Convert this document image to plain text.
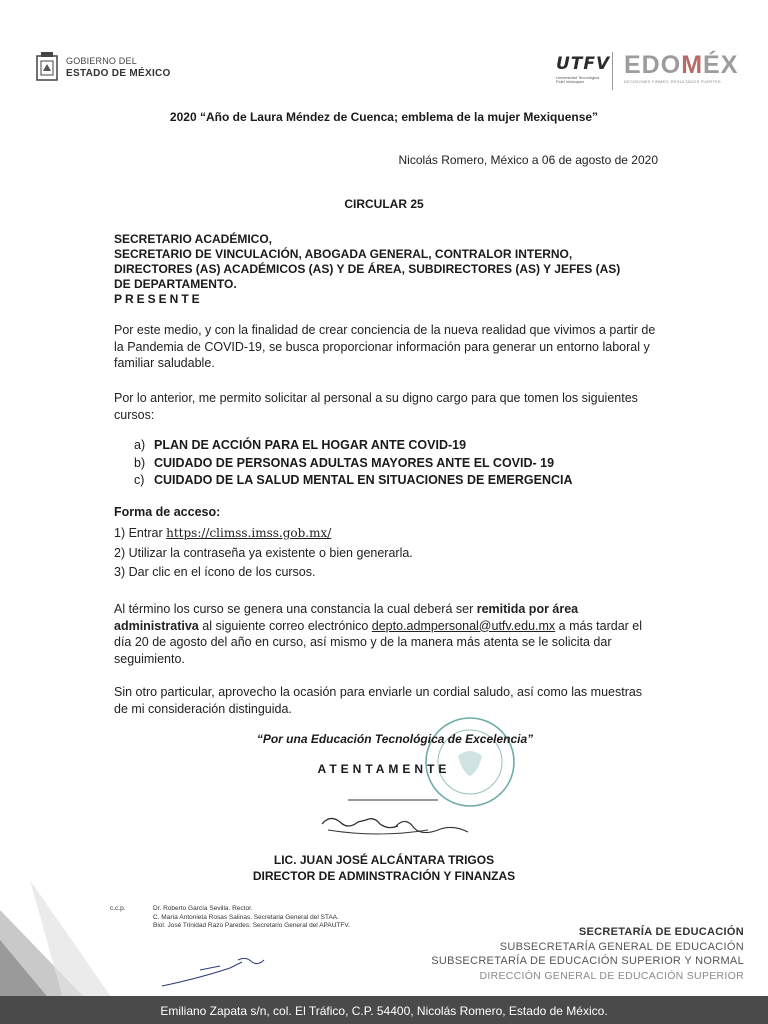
GOBIERNO DEL
ESTADO DE MÉXICO	UTFV
Universidad Tecnológica Fidel Velázquez
EDOMÉX
DECISIONES FIRMES, RESULTADOS FUERTES.
2020 “Año de Laura Méndez de Cuenca; emblema de la mujer Mexiquense”
Nicolás Romero, México a 06 de agosto de 2020
CIRCULAR 25
SECRETARIO ACADÉMICO,
SECRETARIO DE VINCULACIÓN, ABOGADA GENERAL, CONTRALOR INTERNO,
DIRECTORES (AS) ACADÉMICOS (AS) Y DE ÁREA, SUBDIRECTORES (AS) Y JEFES (AS)
DE DEPARTAMENTO.
PRESENTE
Por este medio, y con la finalidad de crear conciencia de la nueva realidad que vivimos a partir de la Pandemia de COVID-19, se busca proporcionar información para generar un entorno laboral y familiar saludable.
Por lo anterior, me permito solicitar al personal a su digno cargo para que tomen los siguientes cursos:
a) PLAN DE ACCIÓN PARA EL HOGAR ANTE COVID-19
b) CUIDADO DE PERSONAS ADULTAS MAYORES ANTE EL COVID- 19
c) CUIDADO DE LA SALUD MENTAL EN SITUACIONES DE EMERGENCIA
Forma de acceso:
1) Entrar https://climss.imss.gob.mx/
2) Utilizar la contraseña ya existente o bien generarla.
3) Dar clic en el ícono de los cursos.
Al término los curso se genera una constancia la cual deberá ser remitida por área administrativa al siguiente correo electrónico depto.admpersonal@utfv.edu.mx a más tardar el día 20 de agosto del año en curso, así mismo y de la manera más atenta se le solicita dar seguimiento.
Sin otro particular, aprovecho la ocasión para enviarle un cordial saludo, así como las muestras de mi consideración distinguida.
“Por una Educación Tecnológica de Excelencia”
ATENTAMENTE
LIC. JUAN JOSÉ ALCÁNTARA TRIGOS
DIRECTOR DE ADMINSTRACIÓN Y FINANZAS
c.c.p.	Dr. Roberto García Sevilla. Rector.
C. María Antonieta Rosas Salinas. Secretaria General del STAA.
Biol. José Trinidad Razo Paredes. Secretario General del APAUTFV.
SECRETARÍA DE EDUCACIÓN
SUBSECRETARÍA GENERAL DE EDUCACIÓN
SUBSECRETARÍA DE EDUCACIÓN SUPERIOR Y NORMAL
DIRECCIÓN GENERAL DE EDUCACIÓN SUPERIOR
Emiliano Zapata s/n, col. El Tráfico, C.P. 54400, Nicolás Romero, Estado de México.
